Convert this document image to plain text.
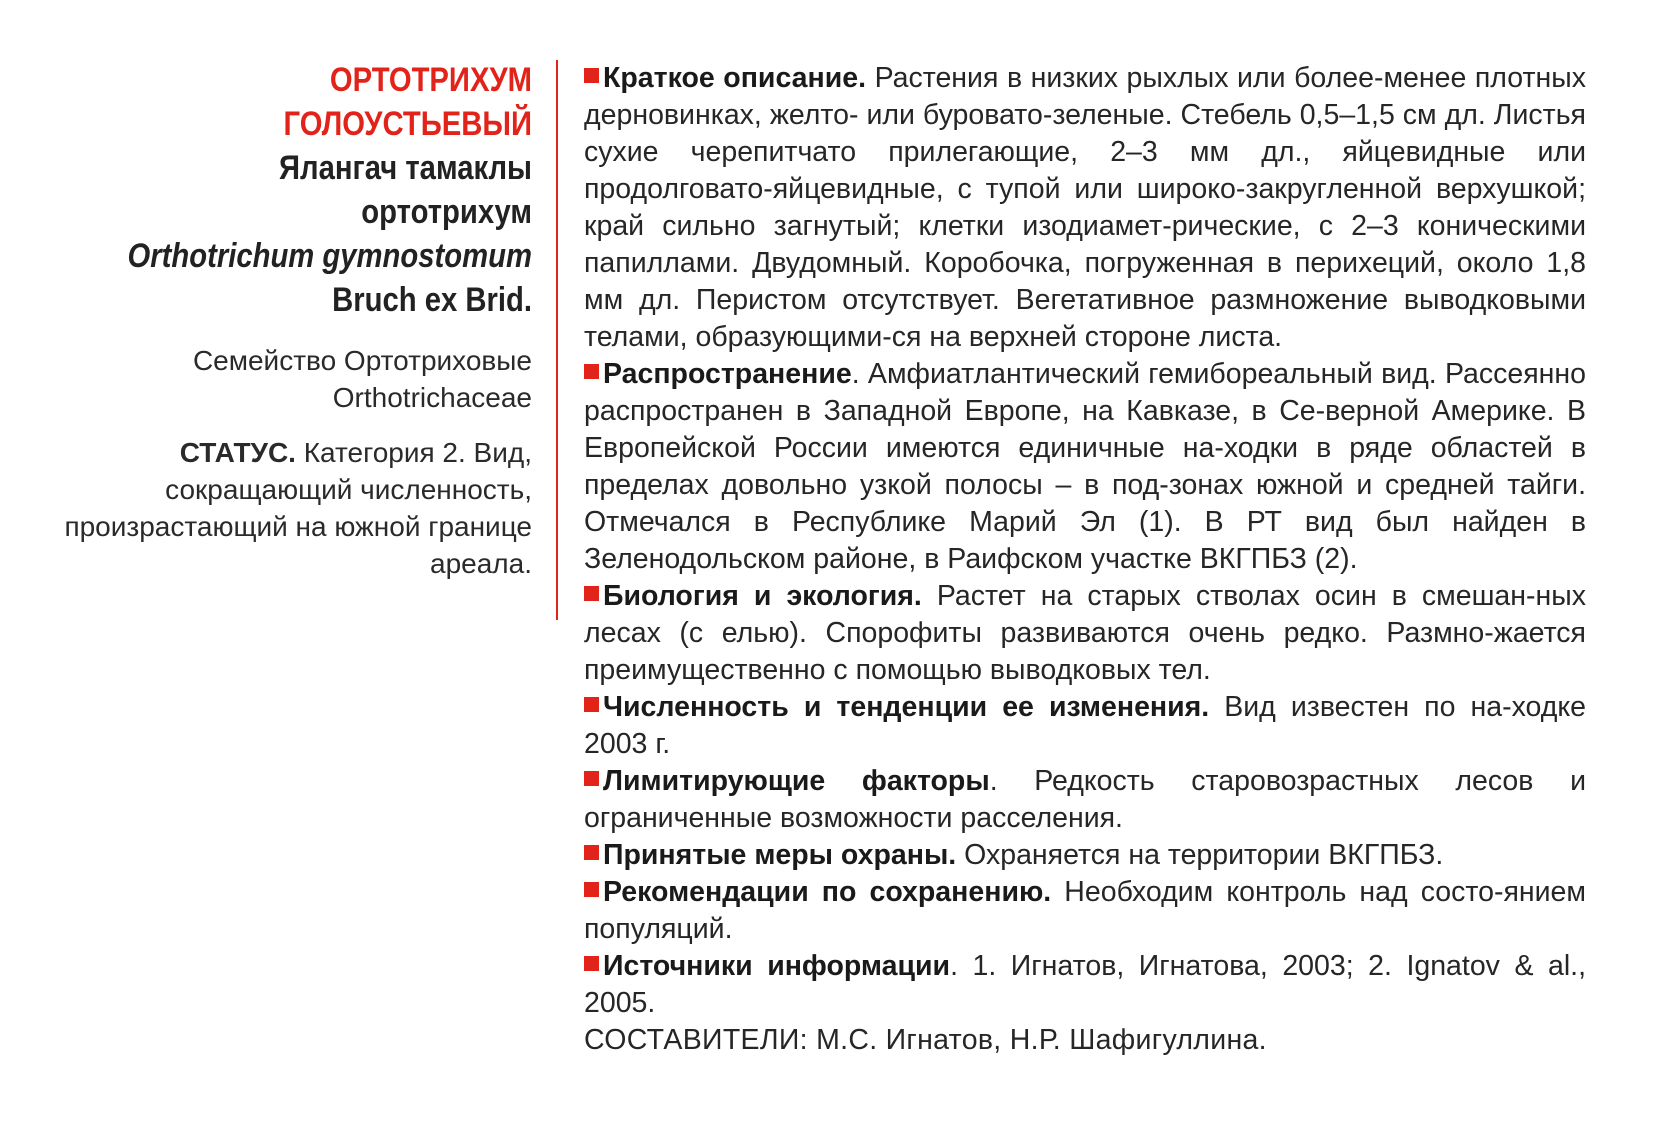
ОРТОТРИХУМ
ГОЛОУСТЬЕВЫЙ
Ялангач тамаклы
ортотрихум
Orthotrichum gymnostomum
Bruch ex Brid.
Семейство Ортотриховые
Orthotrichaceae
СТАТУС. Категория 2. Вид, сокращающий численность, произрастающий на южной границе ареала.

Краткое описание. Растения в низких рыхлых или более-менее плотных дерновинках, желто- или буровато-зеленые. Стебель 0,5–1,5 см дл. Листья сухие черепитчато прилегающие, 2–3 мм дл., яйцевидные или продолговато-яйцевидные, с тупой или широко-закругленной верхушкой; край сильно загнутый; клетки изодиамет-рические, с 2–3 коническими папиллами. Двудомный. Коробочка, погруженная в перихеций, около 1,8 мм дл. Перистом отсутствует. Вегетативное размножение выводковыми телами, образующими-ся на верхней стороне листа.

Распространение. Амфиатлантический гемибореальный вид. Рассеянно распространен в Западной Европе, на Кавказе, в Се-верной Америке. В Европейской России имеются единичные на-ходки в ряде областей в пределах довольно узкой полосы – в под-зонах южной и средней тайги. Отмечался в Республике Марий Эл (1). В РТ вид был найден в Зеленодольском районе, в Раифском участке ВКГПБЗ (2).

Биология и экология. Растет на старых стволах осин в смешан-ных лесах (с елью). Спорофиты развиваются очень редко. Размно-жается преимущественно с помощью выводковых тел.

Численность и тенденции ее изменения. Вид известен по на-ходке 2003 г.

Лимитирующие факторы. Редкость старовозрастных лесов и ограниченные возможности расселения.

Принятые меры охраны. Охраняется на территории ВКГПБЗ.

Рекомендации по сохранению. Необходим контроль над состо-янием популяций.

Источники информации. 1. Игнатов, Игнатова, 2003; 2. Ignatov & al., 2005.

СОСТАВИТЕЛИ: М.С. Игнатов, Н.Р. Шафигуллина.
